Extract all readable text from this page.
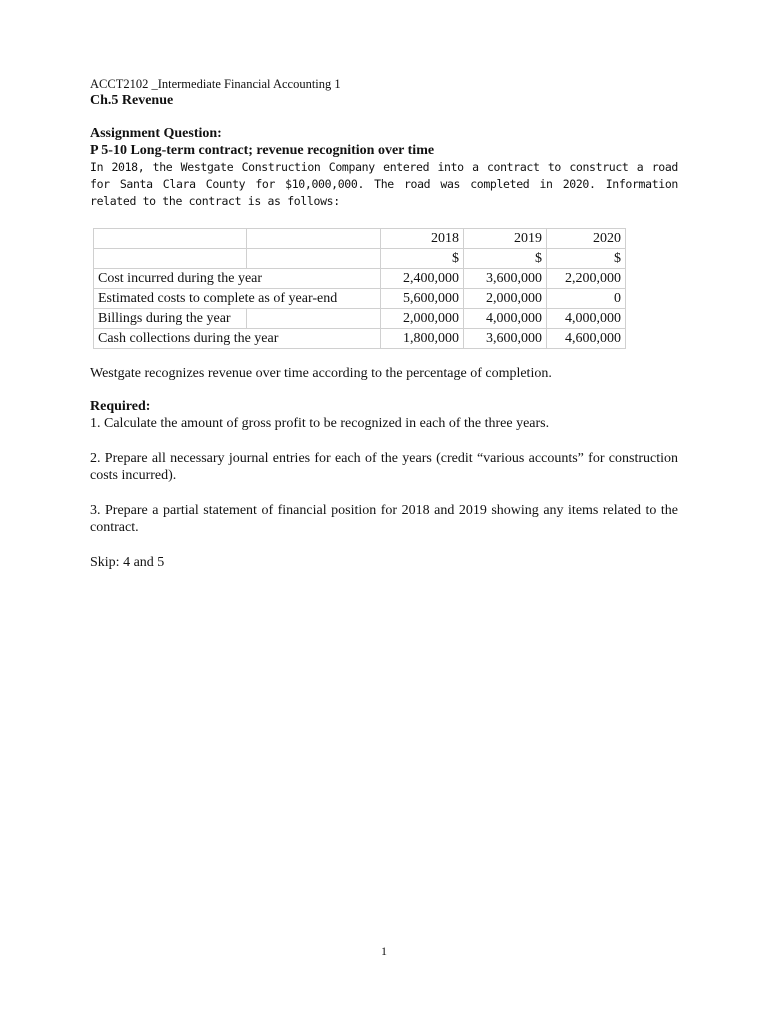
ACCT2102 _Intermediate Financial Accounting 1
Ch.5 Revenue
Assignment Question:
P 5-10 Long-term contract; revenue recognition over time
In 2018, the Westgate Construction Company entered into a contract to construct a road for Santa Clara County for $10,000,000. The road was completed in 2020. Information related to the contract is as follows:
		2018	2019	2020
		$	$	$
Cost incurred during the year		2,400,000	3,600,000	2,200,000
Estimated costs to complete as of year-end		5,600,000	2,000,000	0
Billings during the year		2,000,000	4,000,000	4,000,000
Cash collections during the year		1,800,000	3,600,000	4,600,000
Westgate recognizes revenue over time according to the percentage of completion.
Required:
1. Calculate the amount of gross profit to be recognized in each of the three years.
2. Prepare all necessary journal entries for each of the years (credit “various accounts” for construction costs incurred).
3. Prepare a partial statement of financial position for 2018 and 2019 showing any items related to the contract.
Skip: 4 and 5
1
